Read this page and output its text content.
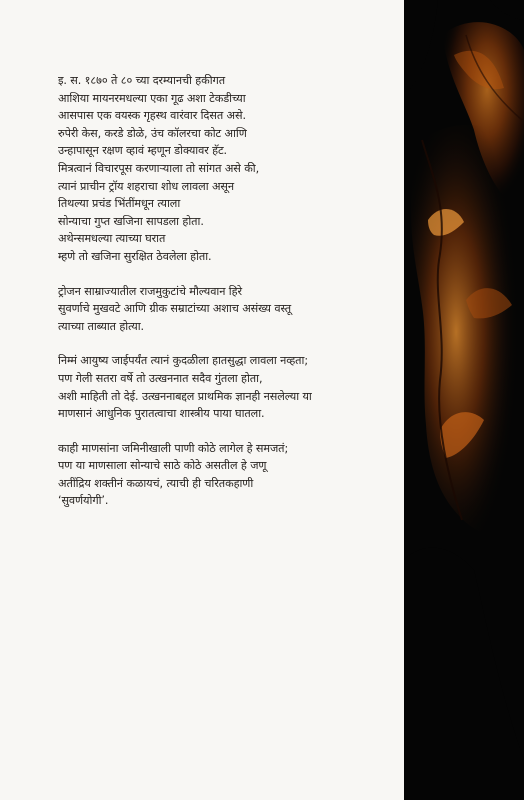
इ. स. १८७० ते ८० च्या दरम्यानची हकीगत
आशिया मायनरमधल्या एका गूढ अशा टेकडीच्या
आसपास एक वयस्क गृहस्थ वारंवार दिसत असे.
रुपेरी केस, करडे डोळे, उंच कॉलरचा कोट आणि
उन्हापासून रक्षण व्हावं म्हणून डोक्यावर हॅट.
मित्रत्वानं विचारपूस करणाऱ्याला तो सांगत असे की,
त्यानं प्राचीन ट्रॉय शहराचा शोध लावला असून
तिथल्या प्रचंड भिंतींमधून त्याला
सोन्याचा गुप्त खजिना सापडला होता.
अथेन्समधल्या त्याच्या घरात
म्हणे तो खजिना सुरक्षित ठेवलेला होता.

ट्रोजन साम्राज्यातील राजमुकुटांचे मौल्यवान हिरे
सुवर्णाचे मुखवटे आणि ग्रीक सम्राटांच्या अशाच असंख्य वस्तू
त्याच्या ताब्यात होत्या.

निम्मं आयुष्य जाईपर्यंत त्यानं कुदळीला हातसुद्धा लावला नव्हता;
पण गेली सतरा वर्षे तो उत्खननात सदैव गुंतला होता,
अशी माहिती तो देई. उत्खननाबद्दल प्राथमिक ज्ञानही नसलेल्या या
माणसानं आधुनिक पुरातत्वाचा शास्त्रीय पाया घातला.

काही माणसांना जमिनीखाली पाणी कोठे लागेल हे समजतं;
पण या माणसाला सोन्याचे साठे कोठे असतील हे जणू
अतींद्रिय शक्तीनं कळायचं, त्याची ही चरितकहाणी
‘सुवर्णयोगी’.
